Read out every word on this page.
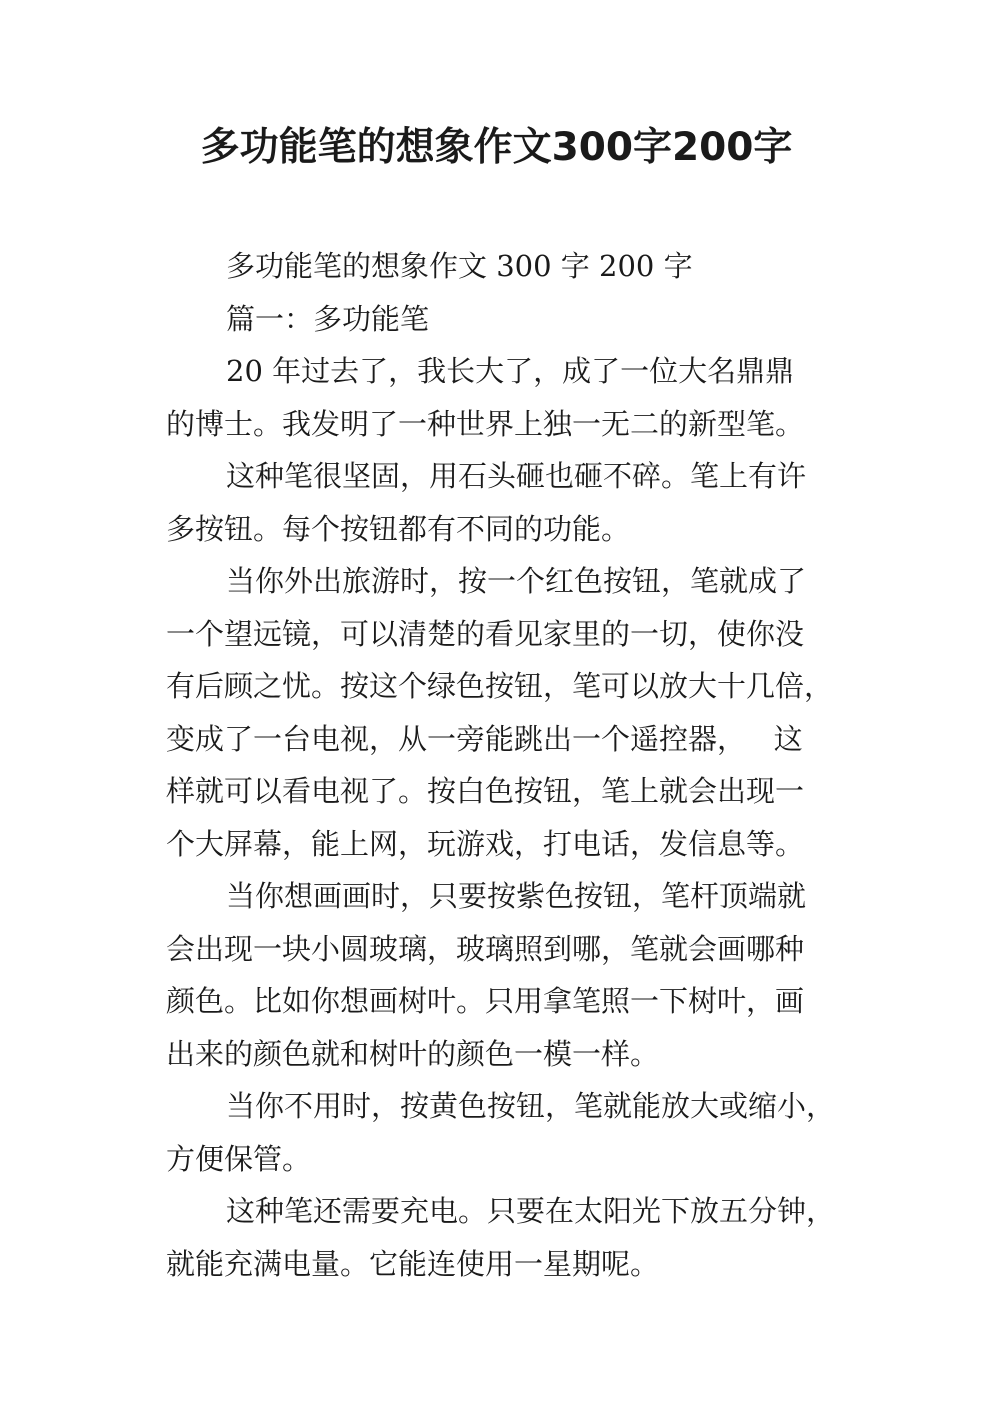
多功能笔的想象作文300字200字
多功能笔的想象作文 300 字 200 字
篇一：多功能笔
20 年过去了，我长大了，成了一位大名鼎鼎
的博士。我发明了一种世界上独一无二的新型笔。
这种笔很坚固，用石头砸也砸不碎。笔上有许
多按钮。每个按钮都有不同的功能。
当你外出旅游时，按一个红色按钮，笔就成了
一个望远镜，可以清楚的看见家里的一切，使你没
有后顾之忧。按这个绿色按钮，笔可以放大十几倍，
变成了一台电视，从一旁能跳出一个遥控器，   这
样就可以看电视了。按白色按钮，笔上就会出现一
个大屏幕，能上网，玩游戏，打电话，发信息等。
当你想画画时，只要按紫色按钮，笔杆顶端就
会出现一块小圆玻璃，玻璃照到哪，笔就会画哪种
颜色。比如你想画树叶。只用拿笔照一下树叶，画
出来的颜色就和树叶的颜色一模一样。
当你不用时，按黄色按钮，笔就能放大或缩小，
方便保管。
这种笔还需要充电。只要在太阳光下放五分钟，
就能充满电量。它能连使用一星期呢。
